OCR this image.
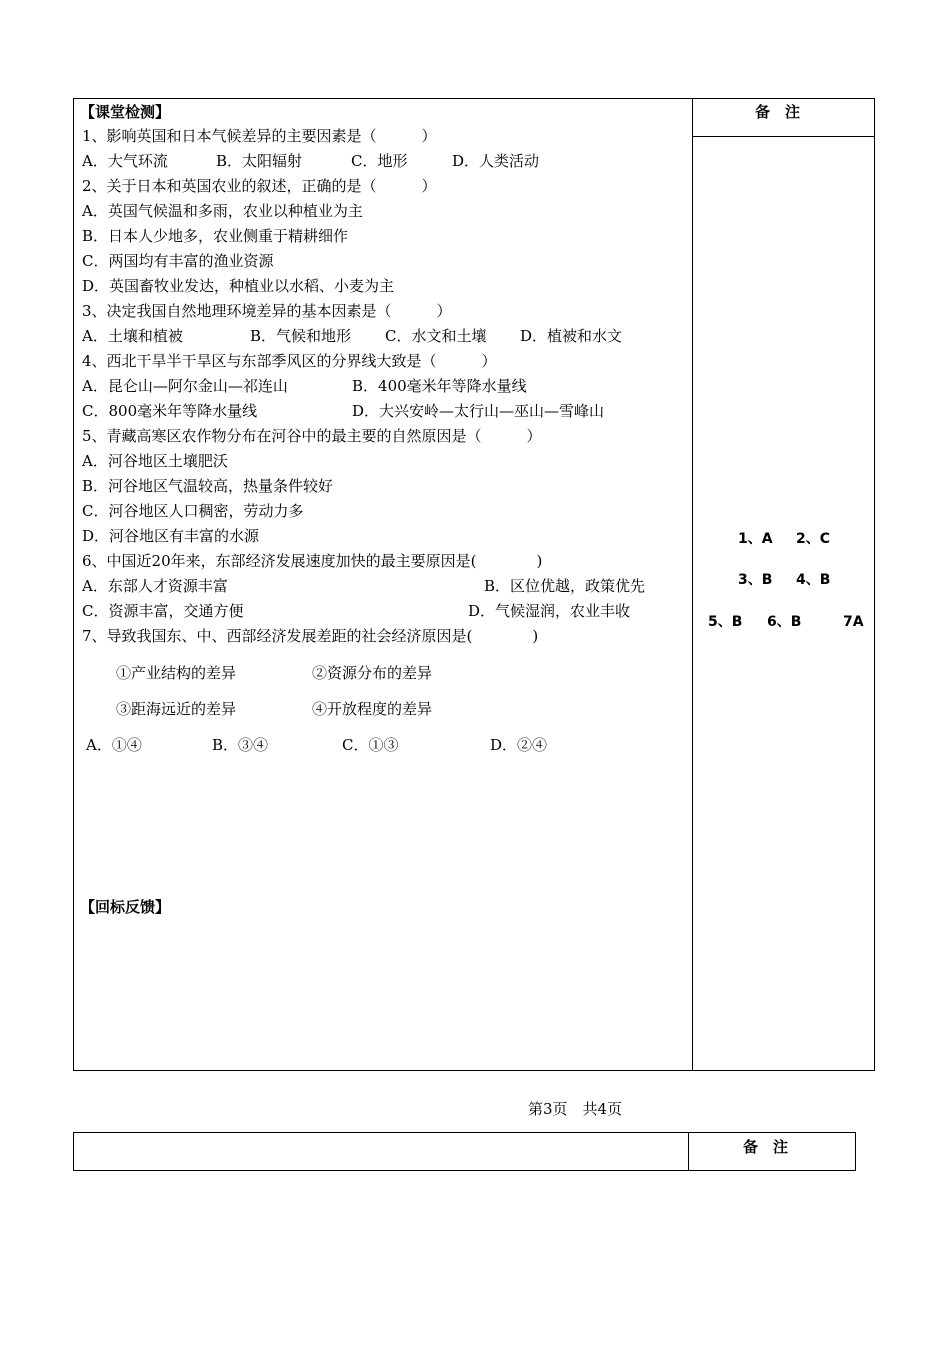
备　注
【课堂检测】
1、影响英国和日本气候差异的主要因素是（　　　）
A．大气环流	B．太阳辐射	C．地形	D．人类活动
2、关于日本和英国农业的叙述，正确的是（　　　）
A．英国气候温和多雨，农业以种植业为主
B．日本人少地多，农业侧重于精耕细作
C．两国均有丰富的渔业资源
D．英国畜牧业发达，种植业以水稻、小麦为主
3、决定我国自然地理环境差异的基本因素是（　　　）
A．土壤和植被	B．气候和地形 C．水文和土壤 D．植被和水文
4、西北干旱半干旱区与东部季风区的分界线大致是（　　　）
A．昆仑山—阿尔金山—祁连山	B．400毫米年等降水量线
C．800毫米年等降水量线	D．大兴安岭—太行山—巫山—雪峰山
5、青藏高寒区农作物分布在河谷中的最主要的自然原因是（　　　）
A．河谷地区土壤肥沃
B．河谷地区气温较高，热量条件较好
C．河谷地区人口稠密，劳动力多
D．河谷地区有丰富的水源
6、中国近20年来，东部经济发展速度加快的最主要原因是(　　　　)
A．东部人才资源丰富	B．区位优越，政策优先
C．资源丰富，交通方便	D．气候湿润，农业丰收
7、导致我国东、中、西部经济发展差距的社会经济原因是(　　　　)
①产业结构的差异	②资源分布的差异
③距海远近的差异	④开放程度的差异
A．①④	B．③④	C．①③	D．②④
1、A 2、C
3、B 4、B
5、B 6、B	7A
【回标反馈】
第3页　共4页
备　注
